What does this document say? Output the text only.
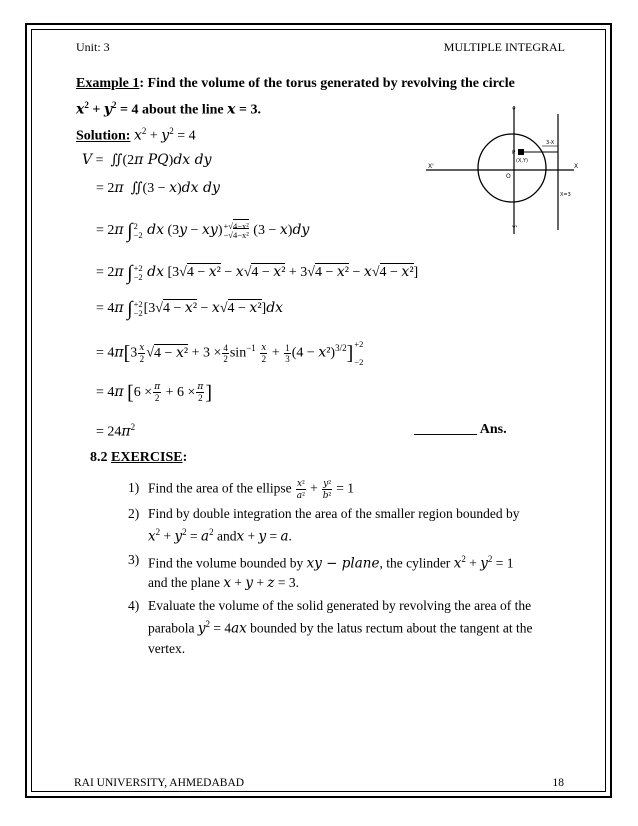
Unit: 3	MULTIPLE INTEGRAL
Example 1: Find the volume of the torus generated by revolving the circle
$x^2 + y^2 = 4$ about the line x = 3.
Solution: $x^2 + y^2 = 4$
V =  ∬(2π PQ)dx dy
= 2π  ∬(3 − x)dx dy
= 2π ∫ 2
−2 dx (3y − xy) +√4−x²
−√4−x² (3 − x)dy
= 2π ∫ +2
−2 dx [3√4 − x² − x√4 − x² + 3√4 − x² − x√4 − x²]
= 4π ∫ +2
−2 [3√4 − x² − x√4 − x²]dx
= $4\pi[3 \frac{x}{2} √4 - x^2 + 3 \times \frac{4}{2} \sin^{-1} \frac{x}{2} + \frac{1}{3} (4 - x^2)^{3/2}] +2$

−2
= 4π [$6 \times \frac{\pi}{2} + 6 \times \frac{\pi}{2}$ ]
= $24\pi^2$	_________ Ans.
Y
Y'
X
X'
O
P
(X,Y)
3-X
X=3
8.2 EXERCISE:
1) Find the area of the ellipse $\frac{\text{x²}}{\text{a²}} + \frac{\text{y²}}{\text{b²}} = 1$
2) Find by double integration the area of the smaller region bounded by
$x^2 + y^2 = a^2$ andx + y = a.
3) Find the volume bounded by xy − plane, the cylinder $x^2 + y^2 = 1$
and the plane x + y + z = 3.
4) Evaluate the volume of the solid generated by revolving the area of the parabola $y^2 = 4ax$ bounded by the latus rectum about the tangent at the vertex.
RAI UNIVERSITY, AHMEDABAD	18
